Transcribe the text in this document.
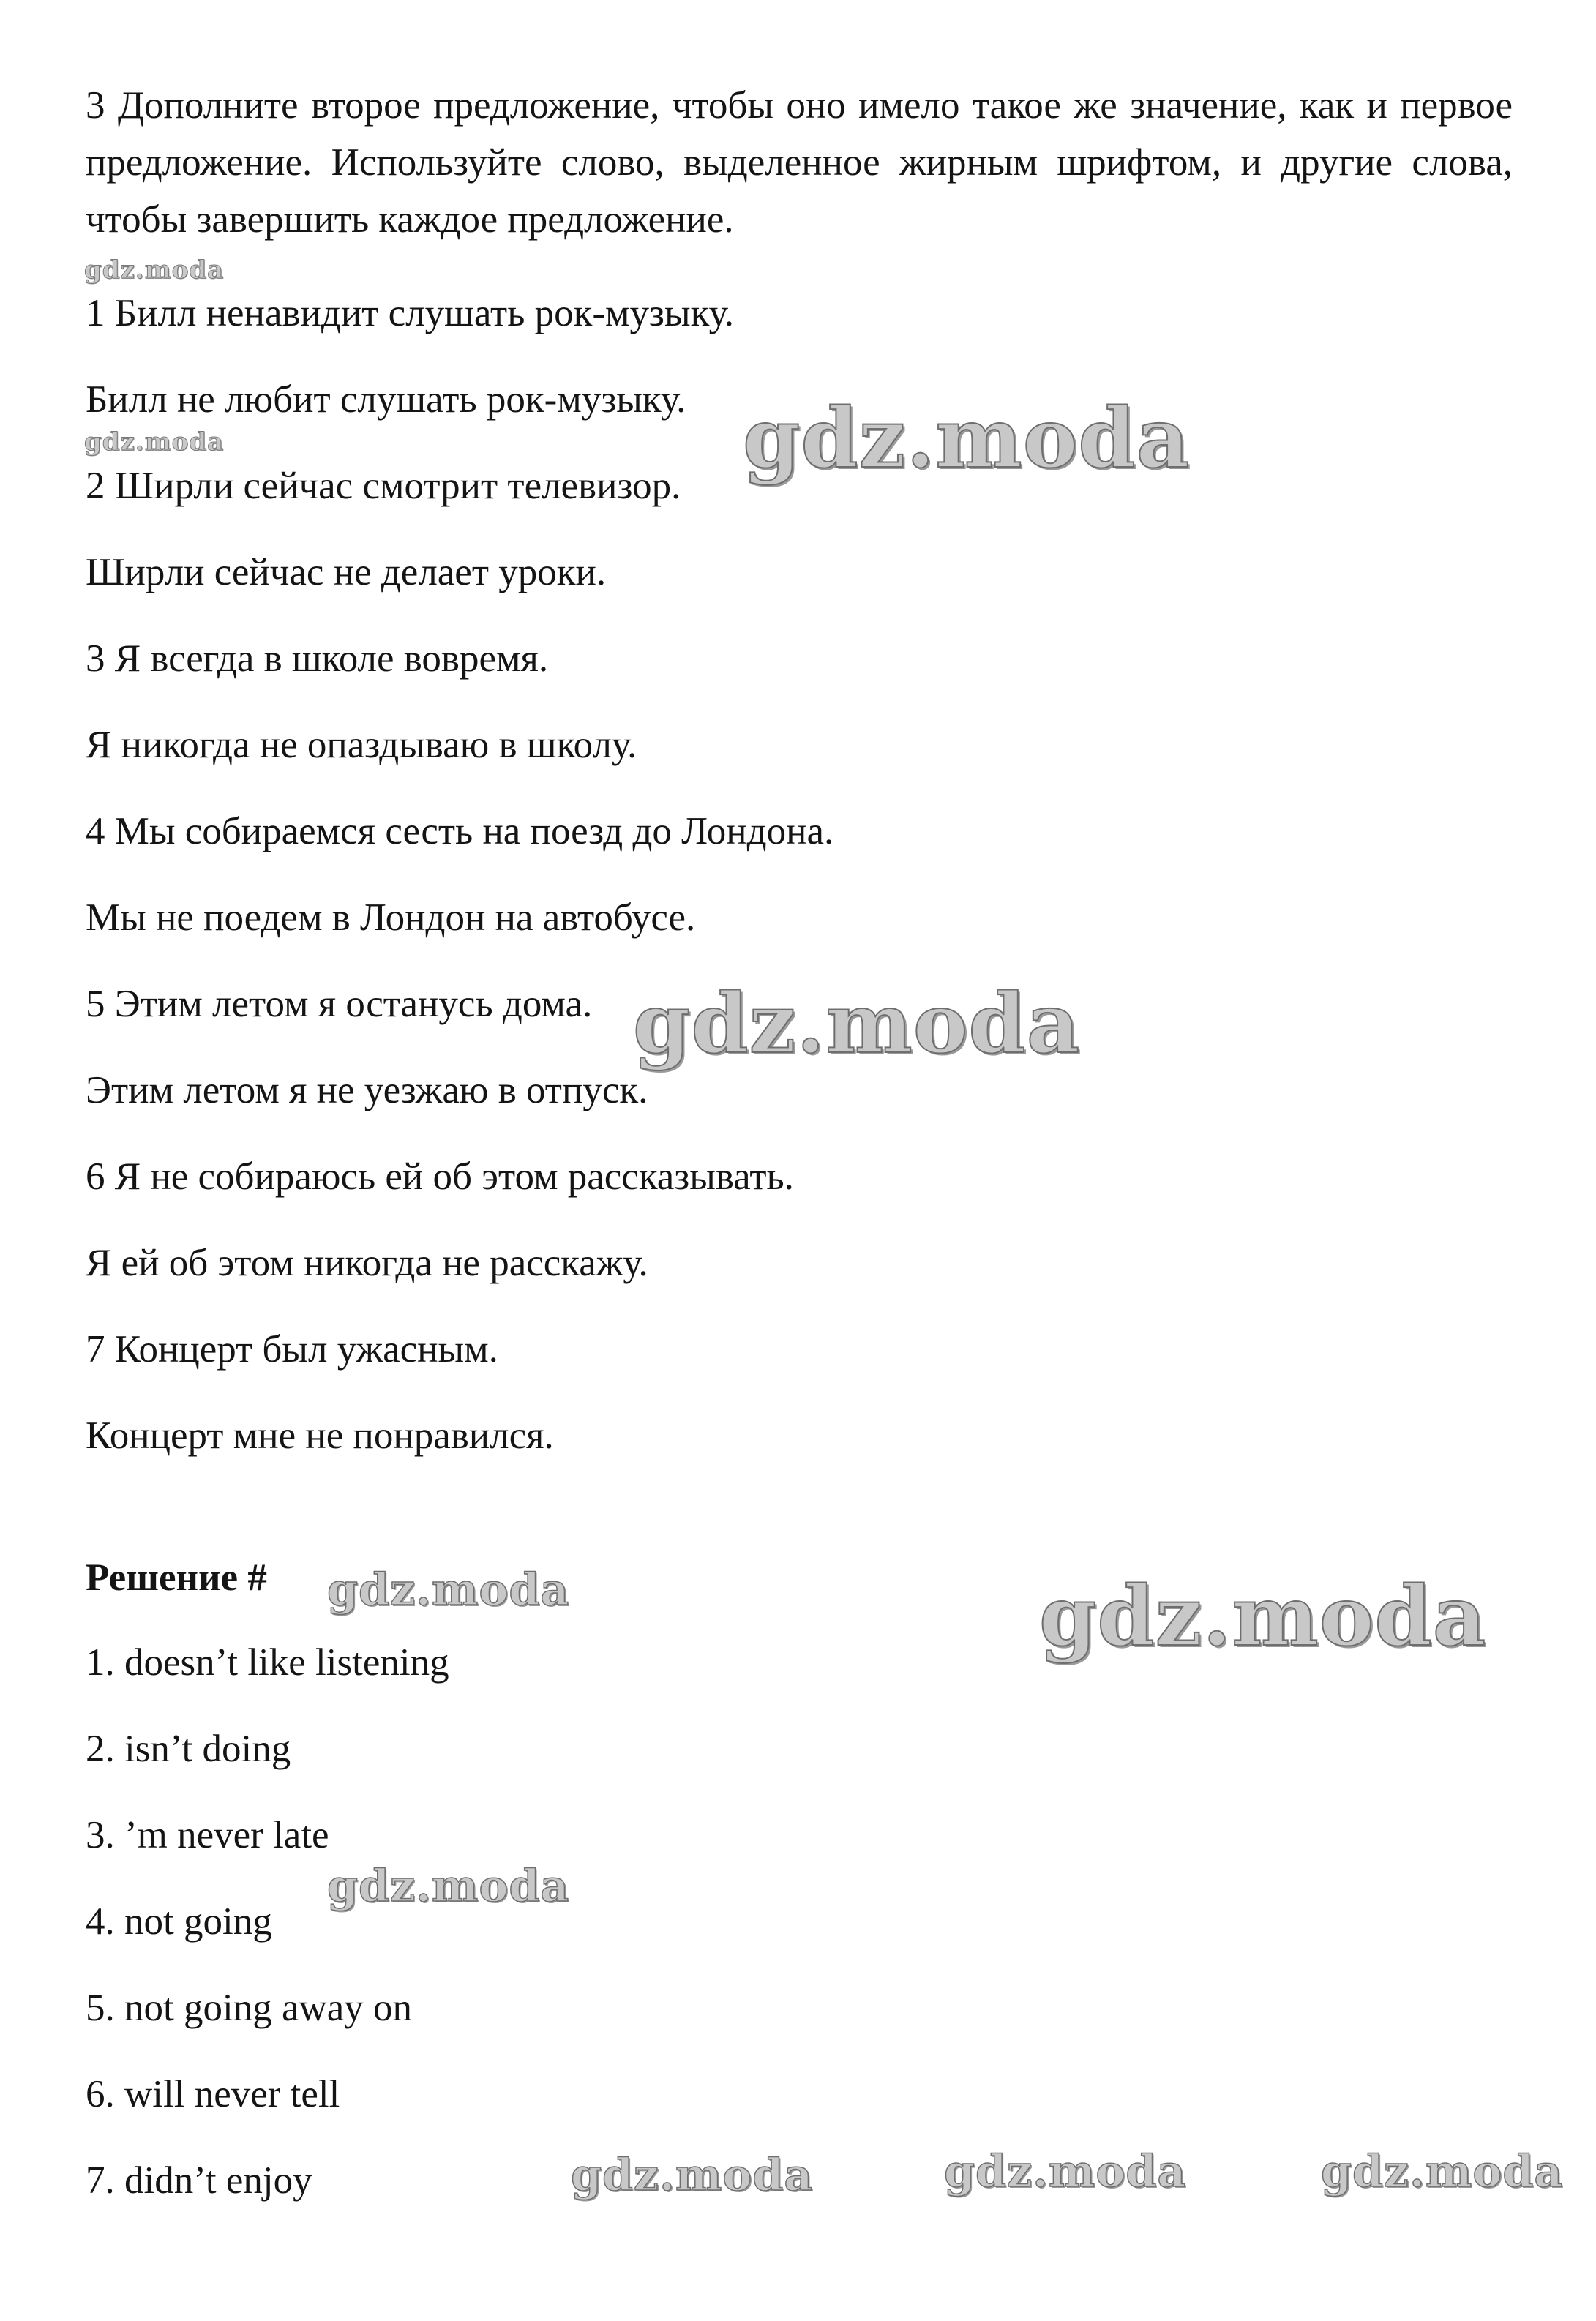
3 Дополните второе предложение, чтобы оно имело такое же значение, как и первое предложение. Используйте слово, выделенное жирным шрифтом, и другие слова, чтобы завершить каждое предложение.

1 Билл ненавидит слушать рок-музыку.

Билл не любит слушать рок-музыку.

2 Ширли сейчас смотрит телевизор.

Ширли сейчас не делает уроки.

3 Я всегда в школе вовремя.

Я никогда не опаздываю в школу.

4 Мы собираемся сесть на поезд до Лондона.

Мы не поедем в Лондон на автобусе.

5 Этим летом я останусь дома.

Этим летом я не уезжаю в отпуск.

6 Я не собираюсь ей об этом рассказывать.

Я ей об этом никогда не расскажу.

7 Концерт был ужасным.

Концерт мне не понравился.

Решение #

1. doesn’t like listening

2. isn’t doing

3. ’m never late

4. not going

5. not going away on

6. will never tell

7. didn’t enjoy

gdz.moda
gdz.moda	gdz.moda
gdz.moda
gdz.moda	gdz.moda
gdz.moda
gdz.moda	gdz.moda	gdz.moda
